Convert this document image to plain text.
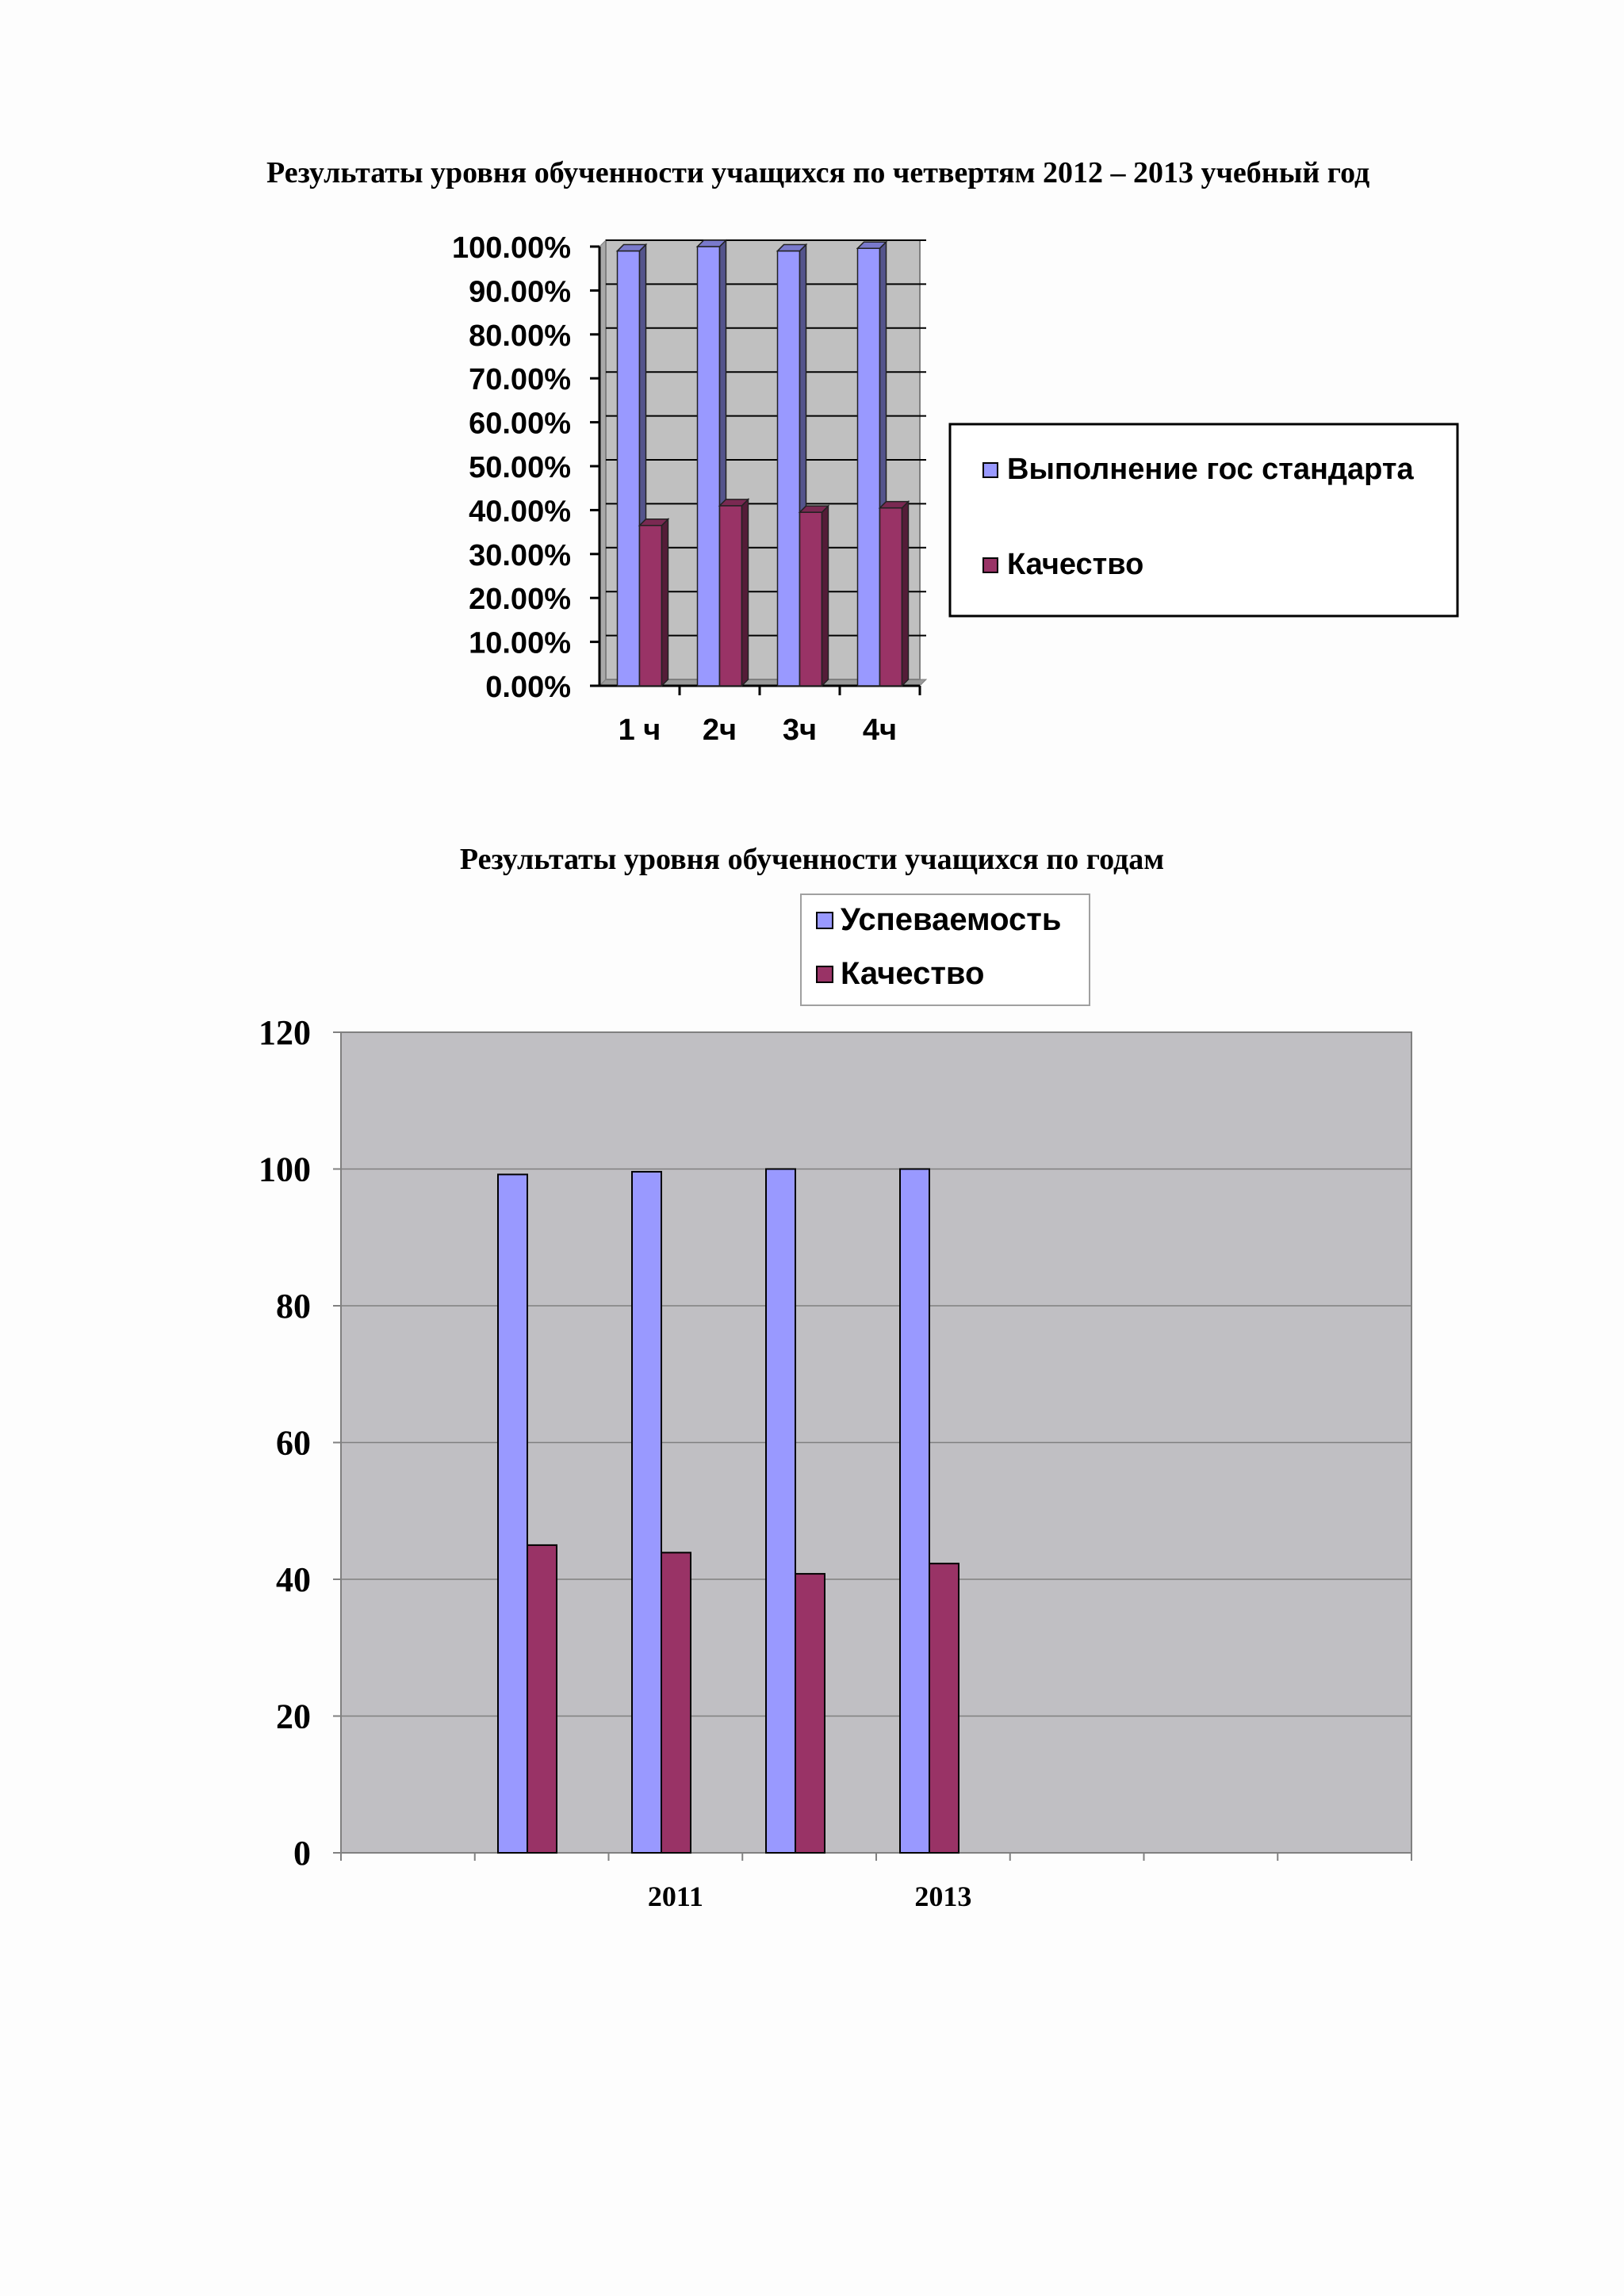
Результаты уровня обученности учащихся по четвертям 2012 – 2013 учебный год
0.00%
10.00%
20.00%
30.00%
40.00%
50.00%
60.00%
70.00%
80.00%
90.00%
100.00%
1 ч 2ч 3ч 4ч
Выполнение гос стандарта
Качество
Результаты уровня обученности учащихся по годам
0
20
40
60
80
100
120
2011	2013
Успеваемость
Качество
